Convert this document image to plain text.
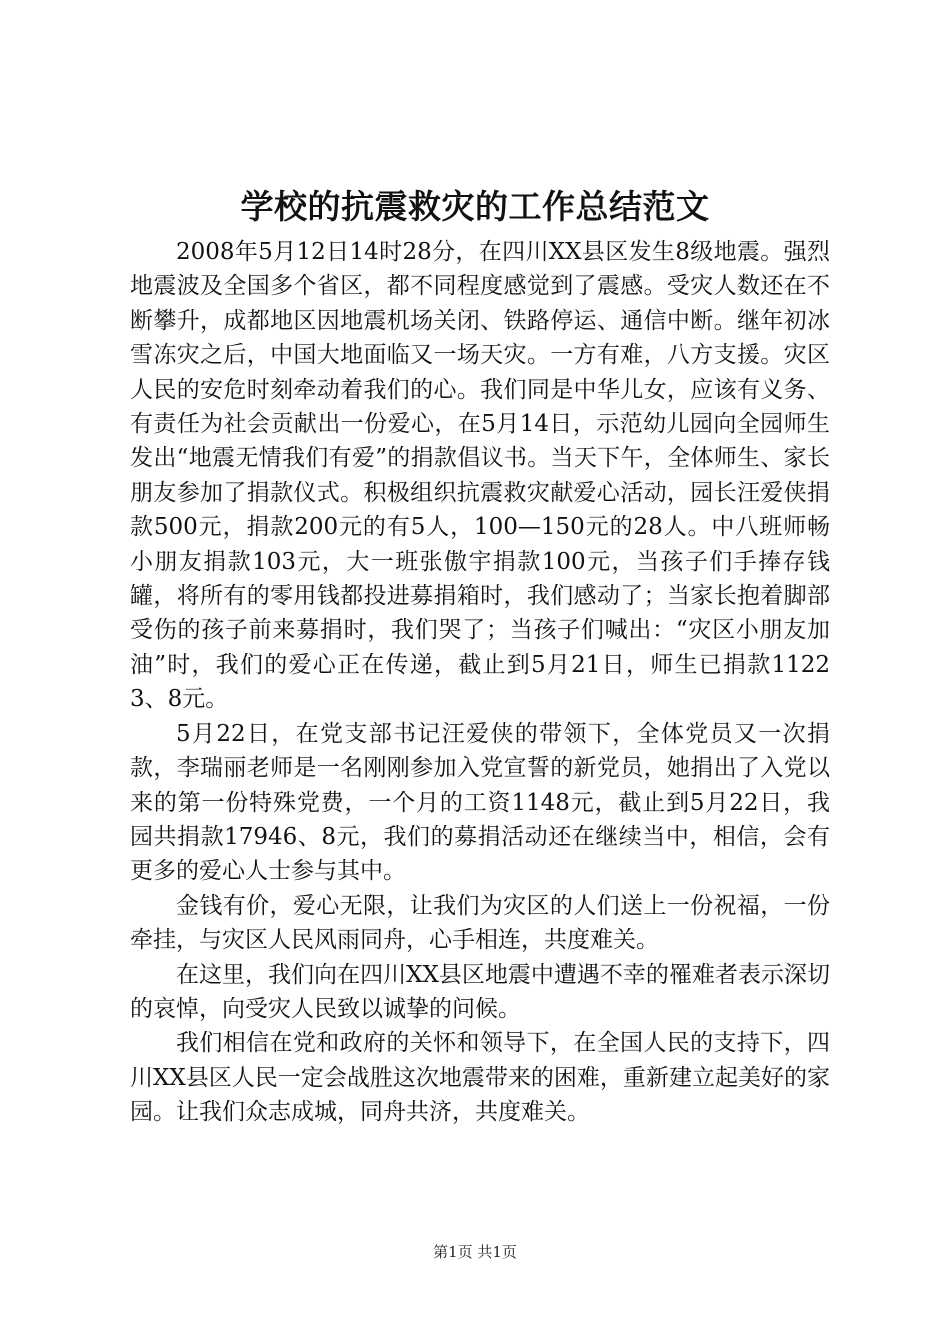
学校的抗震救灾的工作总结范文

2008年5月12日14时28分，在四川XX县区发生8级地震。强烈地震波及全国多个省区，都不同程度感觉到了震感。受灾人数还在不断攀升，成都地区因地震机场关闭、铁路停运、通信中断。继年初冰雪冻灾之后，中国大地面临又一场天灾。一方有难，八方支援。灾区人民的安危时刻牵动着我们的心。我们同是中华儿女，应该有义务、有责任为社会贡献出一份爱心，在5月14日，示范幼儿园向全园师生发出“地震无情我们有爱”的捐款倡议书。当天下午，全体师生、家长朋友参加了捐款仪式。积极组织抗震救灾献爱心活动，园长汪爱侠捐款500元，捐款200元的有5人，100—150元的28人。中八班师畅小朋友捐款103元，大一班张傲宇捐款100元，当孩子们手捧存钱罐，将所有的零用钱都投进募捐箱时，我们感动了；当家长抱着脚部受伤的孩子前来募捐时，我们哭了；当孩子们喊出：“灾区小朋友加油”时，我们的爱心正在传递，截止到5月21日，师生已捐款11223、8元。

5月22日，在党支部书记汪爱侠的带领下，全体党员又一次捐款，李瑞丽老师是一名刚刚参加入党宣誓的新党员，她捐出了入党以来的第一份特殊党费，一个月的工资1148元，截止到5月22日，我园共捐款17946、8元，我们的募捐活动还在继续当中，相信，会有更多的爱心人士参与其中。

金钱有价，爱心无限，让我们为灾区的人们送上一份祝福，一份牵挂，与灾区人民风雨同舟，心手相连，共度难关。

在这里，我们向在四川XX县区地震中遭遇不幸的罹难者表示深切的哀悼，向受灾人民致以诚挚的问候。

我们相信在党和政府的关怀和领导下，在全国人民的支持下，四川XX县区人民一定会战胜这次地震带来的困难，重新建立起美好的家园。让我们众志成城，同舟共济，共度难关。

第1页 共1页
